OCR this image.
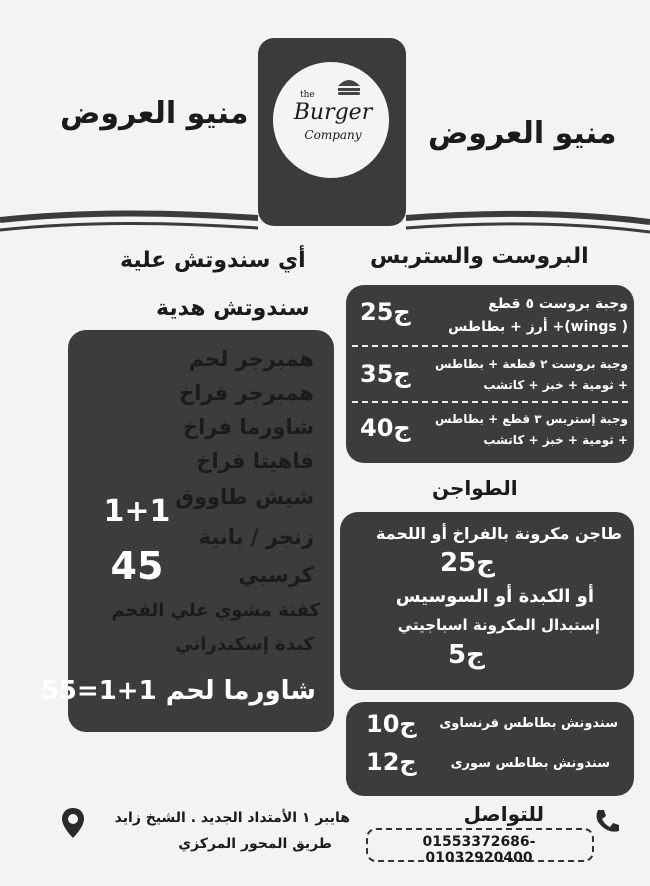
منيو العروض
منيو العروض
the
Burger
Company
البروست والستربس
أي سندوتش علية
سندوتش هدية	وجبة بروست ٥ قطع
( wings)+ أرز + بطاطس
ج25
وجبة بروست ٢ قطعة + بطاطس
+ ثومية + خبز + كاتشب
ج35
وجبة إستربس ٣ قطع + بطاطس
+ ثومية + خبز + كاتشب
ج40
الطواجن
طاجن مكرونة بالفراخ أو اللحمة
ج25
أو الكبدة أو السوسيس
إستبدال المكرونة اسباجيتي
ج5
سندونش بطاطس فرنساوى
ج10
سندونش بطاطس سورى
ج12
همبرجر لحم
همبرجر فراخ
شاورما فراخ
فاهيتا فراخ
شيش طاووق
زنجر / بانية
كرسبي
كفتة مشوي علي الفحم
كبدة إسكندراني
1+1
45
شاورما لحم 1+1=55
هايبر ١ الأمتداد الجديد . الشيخ زايد
طريق المحور المركزي
للتواصل
01553372686-01032920400
